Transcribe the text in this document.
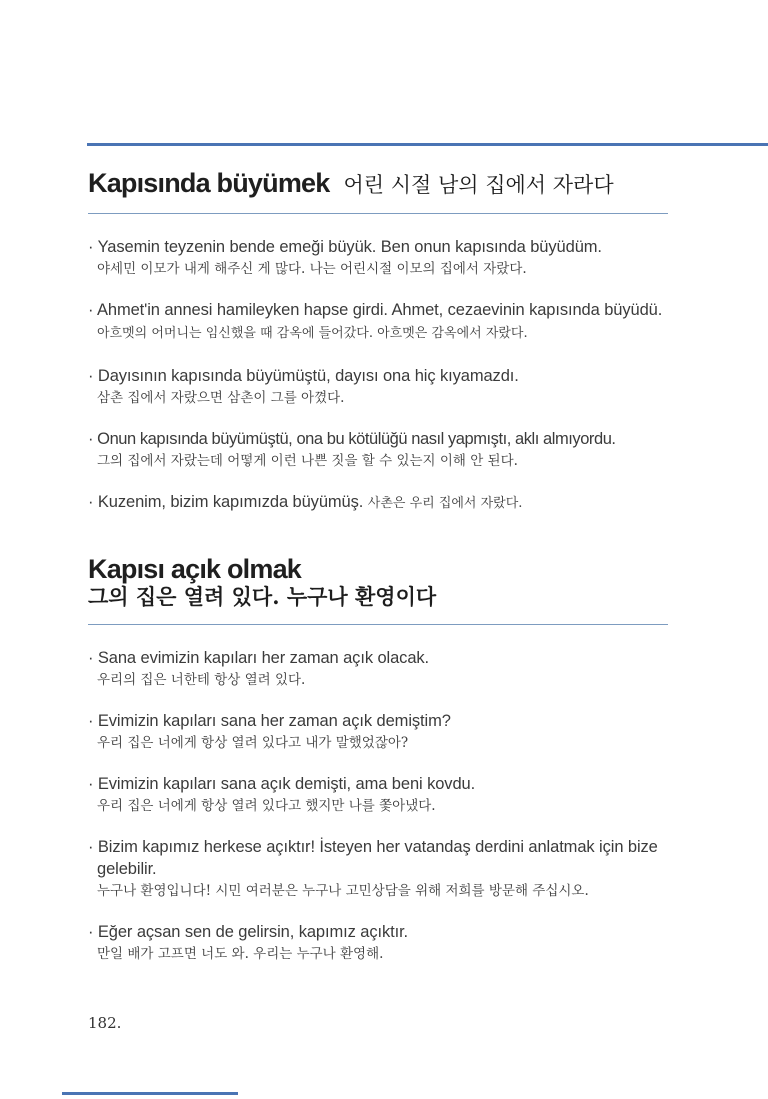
Kapısında büyümek 어린 시절 남의 집에서 자라다

· Yasemin teyzenin bende emeği büyük. Ben onun kapısında büyüdüm.

야세민 이모가 내게 해주신 게 많다. 나는 어린시절 이모의 집에서 자랐다.

· Ahmet'in annesi hamileyken hapse girdi. Ahmet, cezaevinin kapısında büyüdü. 아흐멧의 어머니는 임신했을 때 감옥에 들어갔다. 아흐멧은 감옥에서 자랐다.

· Dayısının kapısında büyümüştü, dayısı ona hiç kıyamazdı.

삼촌 집에서 자랐으면 삼촌이 그를 아꼈다.

· Onun kapısında büyümüştü, ona bu kötülüğü nasıl yapmıştı, aklı almıyordu.

그의 집에서 자랐는데 어떻게 이런 나쁜 짓을 할 수 있는지 이해 안 된다.

· Kuzenim, bizim kapımızda büyümüş. 사촌은 우리 집에서 자랐다.

Kapısı açık olmak

그의 집은 열려 있다. 누구나 환영이다

· Sana evimizin kapıları her zaman açık olacak.

우리의 집은 너한테 항상 열려 있다.

· Evimizin kapıları sana her zaman açık demiştim?

우리 집은 너에게 항상 열려 있다고 내가 말했었잖아?

· Evimizin kapıları sana açık demişti, ama beni kovdu.

우리 집은 너에게 항상 열려 있다고 했지만 나를 쫓아냈다.

· Bizim kapımız herkese açıktır! İsteyen her vatandaş derdini anlatmak için bize gelebilir.

누구나 환영입니다! 시민 여러분은 누구나 고민상담을 위해 저희를 방문해 주십시오.

· Eğer açsan sen de gelirsin, kapımız açıktır.

만일 배가 고프면 너도 와. 우리는 누구나 환영해.

182.
